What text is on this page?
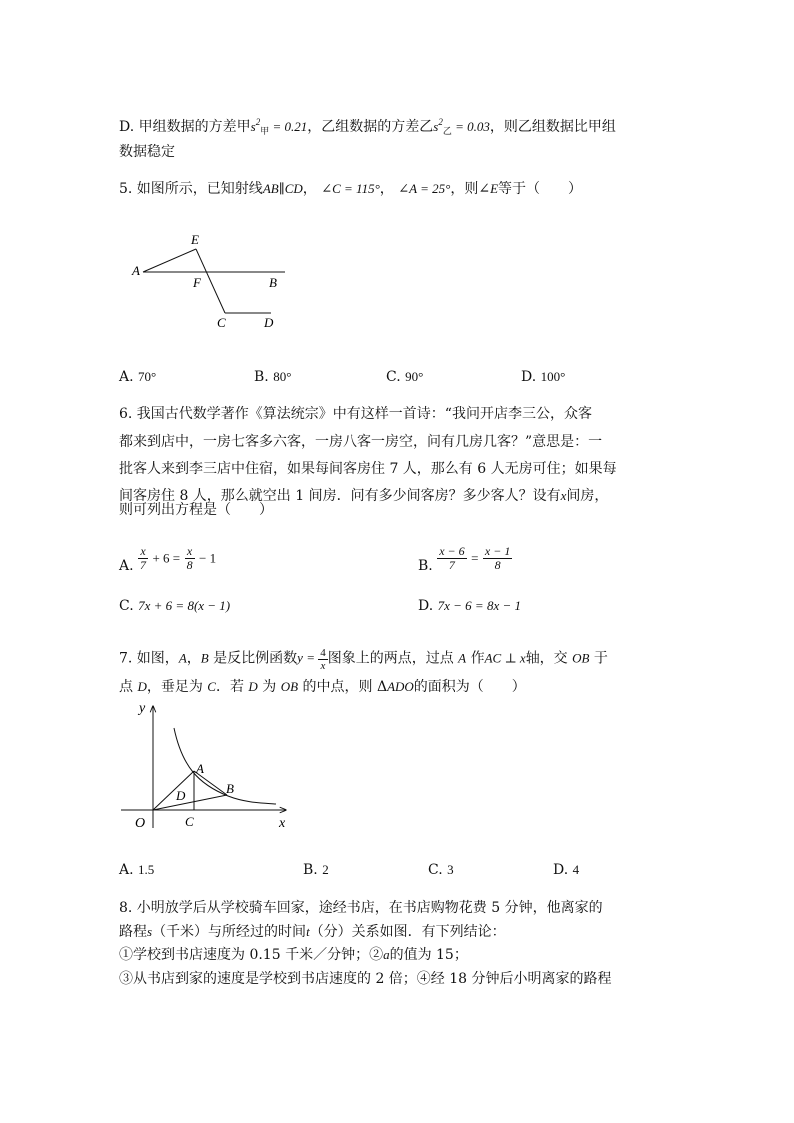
D. 甲组数据的方差甲$s^2_甲 = 0.21$，乙组数据的方差乙$s^2_乙 = 0.03$，则乙组数据比甲组
数据稳定
5. 如图所示，已知射线AB∥CD， ∠C = 115°， ∠A = 25°，则∠E等于（　　）
A
E
F	B
C	D
A. 70°	B. 80°	C. 90°	D. 100°
6. 我国古代数学著作《算法统宗》中有这样一首诗：“我问开店李三公，众客
都来到店中，一房七客多六客，一房八客一房空，问有几房几客？”意思是：一
批客人来到李三店中住宿，如果每间客房住 7 人，那么有 6 人无房可住；如果每
间客房住 8 人，那么就空出 1 间房．问有多少间客房？多少客人？设有x间房，
则可列出方程是（　　）
A. $\frac{x}{7} + 6 = \frac{x}{8} - 1$	B. $\frac{x - 6}{7} = \frac{x - 1}{8}$
C. 7x + 6 = 8(x − 1)	D. 7x − 6 = 8x − 1
7. 如图，A，B 是反比例函数$y = \frac{4}{x}$ 图象上的两点，过点 A 作AC ⊥ x轴，交 OB 于
点 D，垂足为 C．若 D 为 OB 的中点，则 ΔADO的面积为（　　）
y
x
O
A
B
D
C
A. 1.5	B. 2	C. 3	D. 4
8. 小明放学后从学校骑车回家，途经书店，在书店购物花费 5 分钟，他离家的
路程s（千米）与所经过的时间t（分）关系如图．有下列结论：
①学校到书店速度为 0.15 千米／分钟；②a的值为 15；
③从书店到家的速度是学校到书店速度的 2 倍；④经 18 分钟后小明离家的路程
